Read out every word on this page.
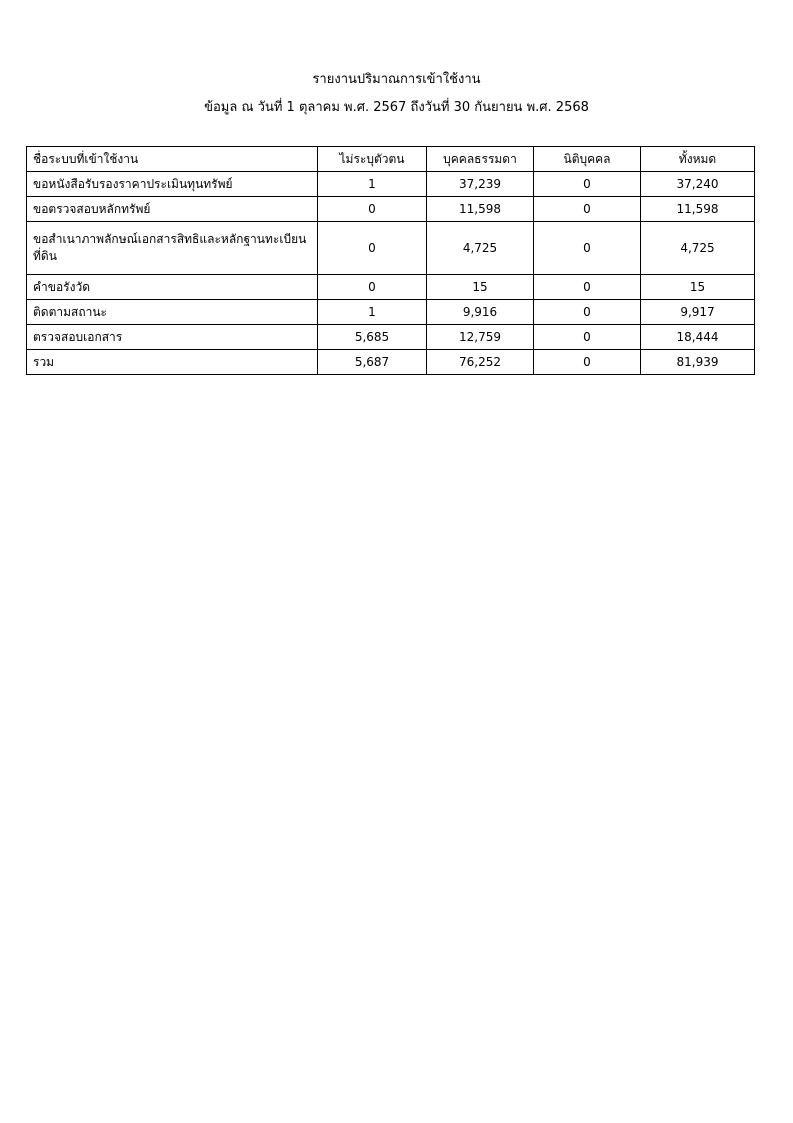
รายงานปริมาณการเข้าใช้งาน
ข้อมูล ณ วันที่ 1 ตุลาคม พ.ศ. 2567 ถึงวันที่ 30 กันยายน พ.ศ. 2568
ชื่อระบบที่เข้าใช้งาน	ไม่ระบุตัวตน	บุคคลธรรมดา	นิติบุคคล	ทั้งหมด
ขอหนังสือรับรองราคาประเมินทุนทรัพย์	1	37,239	0	37,240
ขอตรวจสอบหลักทรัพย์	0	11,598	0	11,598
ขอสำเนาภาพลักษณ์เอกสารสิทธิและหลักฐานทะเบียนที่ดิน	0	4,725	0	4,725
คำขอรังวัด	0	15	0	15
ติดตามสถานะ	1	9,916	0	9,917
ตรวจสอบเอกสาร	5,685	12,759	0	18,444
รวม	5,687	76,252	0	81,939
